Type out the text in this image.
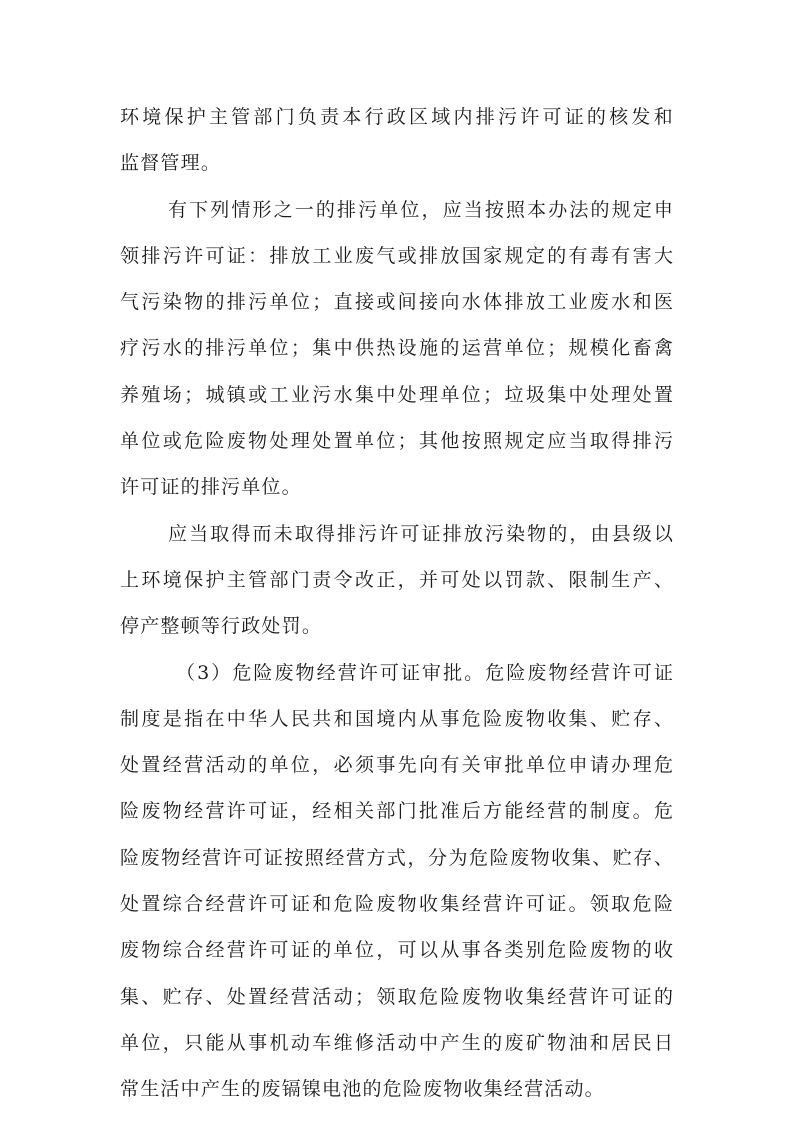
环 境 保 护 主 管 部 门 负 责 本 行 政 区 域 内 排 污 许 可 证 的 核 发 和
监 督 管 理 。
有 下 列 情 形 之 一 的 排 污 单 位 ， 应 当 按 照 本 办 法 的 规 定 申
领 排 污 许 可 证 ： 排 放 工 业 废 气 或 排 放 国 家 规 定 的 有 毒 有 害 大
气 污 染 物 的 排 污 单 位 ； 直 接 或 间 接 向 水 体 排 放 工 业 废 水 和 医
疗 污 水 的 排 污 单 位 ； 集 中 供 热 设 施 的 运 营 单 位 ； 规 模 化 畜 禽
养 殖 场 ； 城 镇 或 工 业 污 水 集 中 处 理 单 位 ； 垃 圾 集 中 处 理 处 置
单 位 或 危 险 废 物 处 理 处 置 单 位 ； 其 他 按 照 规 定 应 当 取 得 排 污
许 可 证 的 排 污 单 位 。
应 当 取 得 而 未 取 得 排 污 许 可 证 排 放 污 染 物 的 ， 由 县 级 以
上 环 境 保 护 主 管 部 门 责 令 改 正 ， 并 可 处 以 罚 款 、 限 制 生 产 、
停 产 整 顿 等 行 政 处 罚 。
（ 3 ） 危 险 废 物 经 营 许 可 证 审 批 。 危 险 废 物 经 营 许 可 证
制 度 是 指 在 中 华 人 民 共 和 国 境 内 从 事 危 险 废 物 收 集 、 贮 存 、
处 置 经 营 活 动 的 单 位 ， 必 须 事 先 向 有 关 审 批 单 位 申 请 办 理 危
险 废 物 经 营 许 可 证 ， 经 相 关 部 门 批 准 后 方 能 经 营 的 制 度 。 危
险 废 物 经 营 许 可 证 按 照 经 营 方 式 ， 分 为 危 险 废 物 收 集 、 贮 存 、
处 置 综 合 经 营 许 可 证 和 危 险 废 物 收 集 经 营 许 可 证 。 领 取 危 险
废 物 综 合 经 营 许 可 证 的 单 位 ， 可 以 从 事 各 类 别 危 险 废 物 的 收
集 、 贮 存 、 处 置 经 营 活 动 ； 领 取 危 险 废 物 收 集 经 营 许 可 证 的
单 位 ， 只 能 从 事 机 动 车 维 修 活 动 中 产 生 的 废 矿 物 油 和 居 民 日
常 生 活 中 产 生 的 废 镉 镍 电 池 的 危 险 废 物 收 集 经 营 活 动 。
